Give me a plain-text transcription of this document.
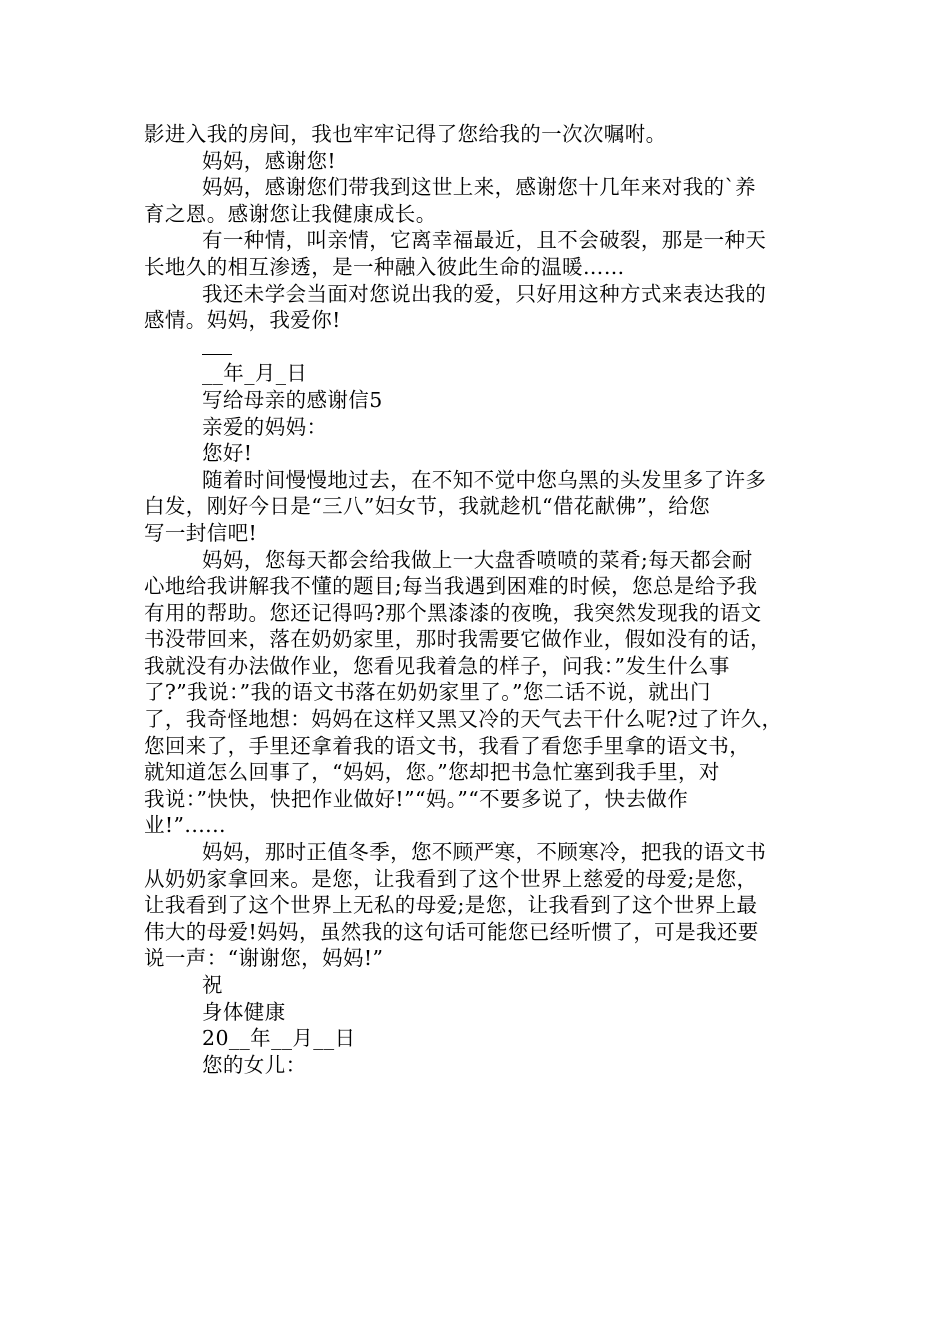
影进入我的房间，我也牢牢记得了您给我的一次次嘱咐。
妈妈，感谢您!
妈妈，感谢您们带我到这世上来，感谢您十几年来对我的`养
育之恩。感谢您让我健康成长。
有一种情，叫亲情，它离幸福最近，且不会破裂，那是一种天
长地久的相互渗透，是一种融入彼此生命的温暖……
我还未学会当面对您说出我的爱，只好用这种方式来表达我的
感情。妈妈，我爱你!
__年_月_日
写给母亲的感谢信5
亲爱的妈妈：
您好!
随着时间慢慢地过去，在不知不觉中您乌黑的头发里多了许多
白发，刚好今日是“三八”妇女节，我就趁机“借花献佛”，给您
写一封信吧!
妈妈，您每天都会给我做上一大盘香喷喷的菜肴;每天都会耐
心地给我讲解我不懂的题目;每当我遇到困难的时候，您总是给予我
有用的帮助。您还记得吗?那个黑漆漆的夜晚，我突然发现我的语文
书没带回来，落在奶奶家里，那时我需要它做作业，假如没有的话，
我就没有办法做作业，您看见我着急的样子，问我：”发生什么事
了?”我说：”我的语文书落在奶奶家里了。”您二话不说，就出门
了，我奇怪地想：妈妈在这样又黑又冷的天气去干什么呢?过了许久，
您回来了，手里还拿着我的语文书，我看了看您手里拿的语文书，
就知道怎么回事了，“妈妈，您。”您却把书急忙塞到我手里，对
我说：”快快，快把作业做好!”“妈。”“不要多说了，快去做作
业!”......
妈妈，那时正值冬季，您不顾严寒，不顾寒冷，把我的语文书
从奶奶家拿回来。是您，让我看到了这个世界上慈爱的母爱;是您，
让我看到了这个世界上无私的母爱;是您，让我看到了这个世界上最
伟大的母爱!妈妈，虽然我的这句话可能您已经听惯了，可是我还要
说一声：“谢谢您，妈妈!”
祝
身体健康
20__年__月__日
您的女儿：
